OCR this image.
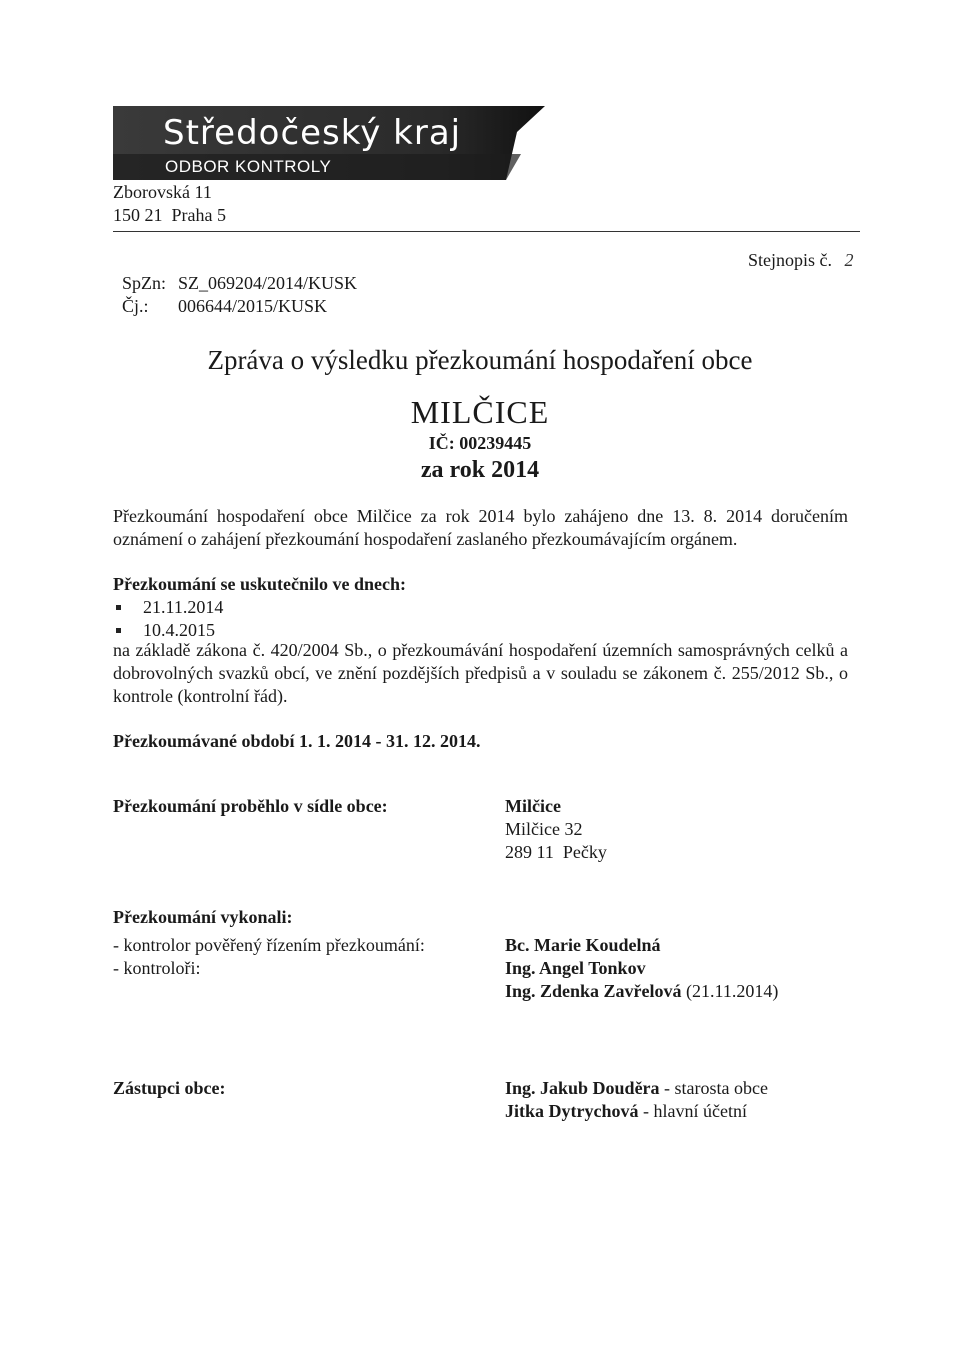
Středočeský kraj
ODBOR KONTROLY
Zborovská 11
150 21  Praha 5

SpZn: SZ_069204/2014/KUSK

Čj.: 006644/2015/KUSK

Stejnopis č. 2
Zpráva o výsledku přezkoumání hospodaření obce
MILČICE
IČ: 00239445
za rok 2014
Přezkoumání hospodaření obce Milčice za rok 2014 bylo zahájeno dne 13. 8. 2014 doručením oznámení o zahájení přezkoumání hospodaření zaslaného přezkoumávajícím orgánem.
Přezkoumání se uskutečnilo ve dnech:
21.11.2014
10.4.2015
na základě zákona č. 420/2004 Sb., o přezkoumávání hospodaření územních samosprávných celků a dobrovolných svazků obcí, ve znění pozdějších předpisů a v souladu se zákonem č. 255/2012 Sb., o kontrole (kontrolní řád).
Přezkoumávané období 1. 1. 2014 - 31. 12. 2014.
Přezkoumání proběhlo v sídle obce:	Milčice
Milčice 32
289 11  Pečky
Přezkoumání vykonali:
- kontrolor pověřený řízením přezkoumání:
- kontroloři:
Bc. Marie Koudelná
Ing. Angel Tonkov
Ing. Zdenka Zavřelová (21.11.2014)
Zástupci obce:	Ing. Jakub Douděra - starosta obce
Jitka Dytrychová - hlavní účetní
